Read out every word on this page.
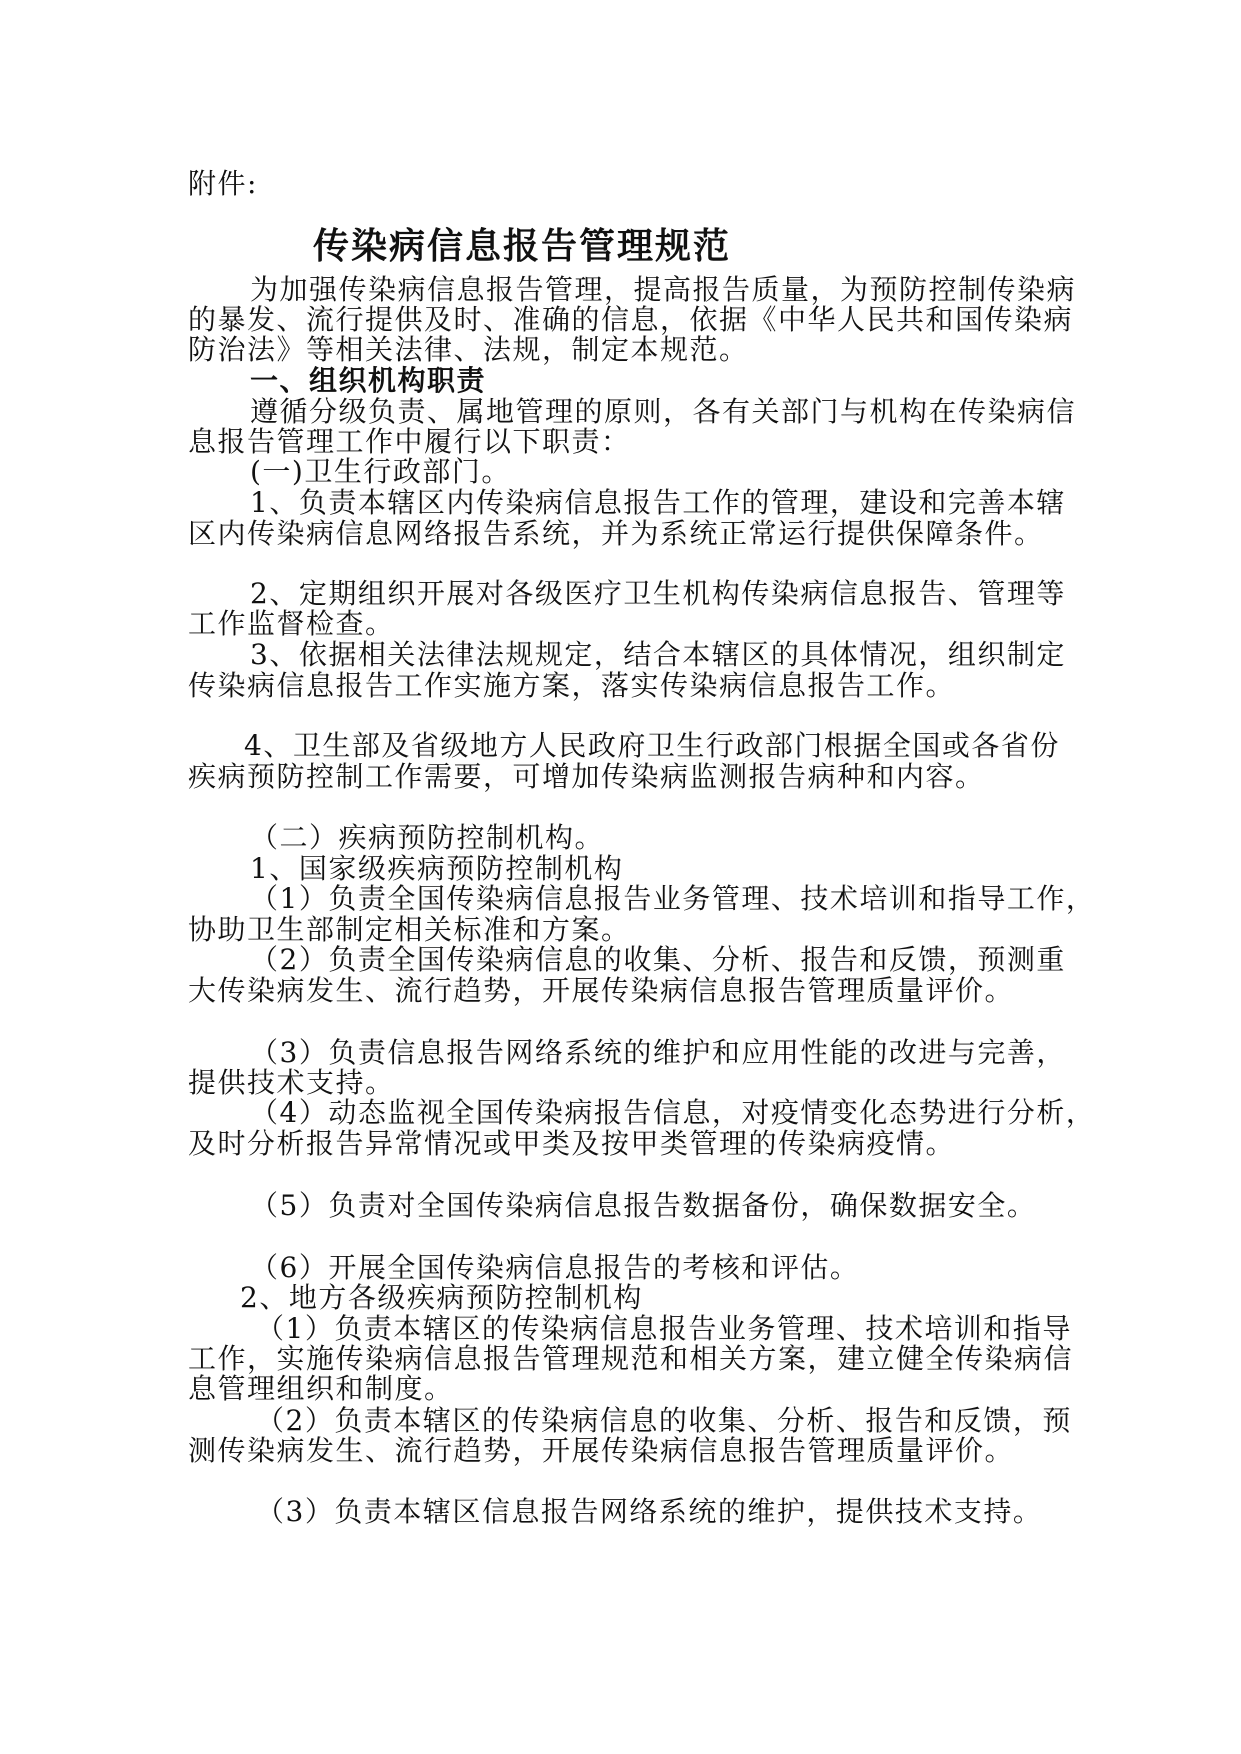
附件:
传染病信息报告管理规范
为加强传染病信息报告管理，提高报告质量，为预防控制传染病
的暴发、流行提供及时、准确的信息，依据《中华人民共和国传染病
防治法》等相关法律、法规，制定本规范。
一、组织机构职责
遵循分级负责、属地管理的原则，各有关部门与机构在传染病信
息报告管理工作中履行以下职责：
(一)卫生行政部门。
1、负责本辖区内传染病信息报告工作的管理，建设和完善本辖
区内传染病信息网络报告系统，并为系统正常运行提供保障条件。
2、定期组织开展对各级医疗卫生机构传染病信息报告、管理等
工作监督检查。
3、依据相关法律法规规定，结合本辖区的具体情况，组织制定
传染病信息报告工作实施方案，落实传染病信息报告工作。
4、卫生部及省级地方人民政府卫生行政部门根据全国或各省份
疾病预防控制工作需要，可增加传染病监测报告病种和内容。
（二）疾病预防控制机构。
1、国家级疾病预防控制机构
（1）负责全国传染病信息报告业务管理、技术培训和指导工作，
协助卫生部制定相关标准和方案。
（2）负责全国传染病信息的收集、分析、报告和反馈，预测重
大传染病发生、流行趋势，开展传染病信息报告管理质量评价。
（3）负责信息报告网络系统的维护和应用性能的改进与完善，
提供技术支持。
（4）动态监视全国传染病报告信息，对疫情变化态势进行分析，
及时分析报告异常情况或甲类及按甲类管理的传染病疫情。
（5）负责对全国传染病信息报告数据备份，确保数据安全。
（6）开展全国传染病信息报告的考核和评估。
2、地方各级疾病预防控制机构
（1）负责本辖区的传染病信息报告业务管理、技术培训和指导
工作，实施传染病信息报告管理规范和相关方案，建立健全传染病信
息管理组织和制度。
（2）负责本辖区的传染病信息的收集、分析、报告和反馈，预
测传染病发生、流行趋势，开展传染病信息报告管理质量评价。
（3）负责本辖区信息报告网络系统的维护，提供技术支持。
